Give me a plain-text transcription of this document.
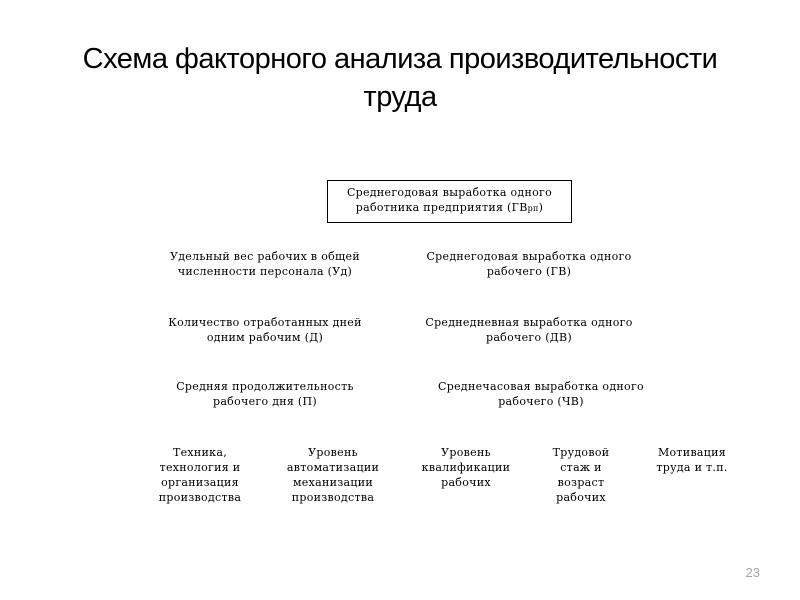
Схема факторного анализа производительности
труда
Среднегодовая выработка одного
работника предприятия (ГВрп)
Удельный вес рабочих в общей
численности персонала (Уд)
Количество отработанных дней
одним рабочим (Д)
Средняя продолжительность
рабочего дня (П)
Среднегодовая выработка одного
рабочего (ГВ)
Среднедневная выработка одного
рабочего (ДВ)
Среднечасовая выработка одного
рабочего (ЧВ)
Техника,
технология и
организация
производства
Уровень
автоматизации
механизации
производства
Уровень
квалификации
рабочих
Трудовой
стаж и
возраст
рабочих
Мотивация
труда и т.п.
23
